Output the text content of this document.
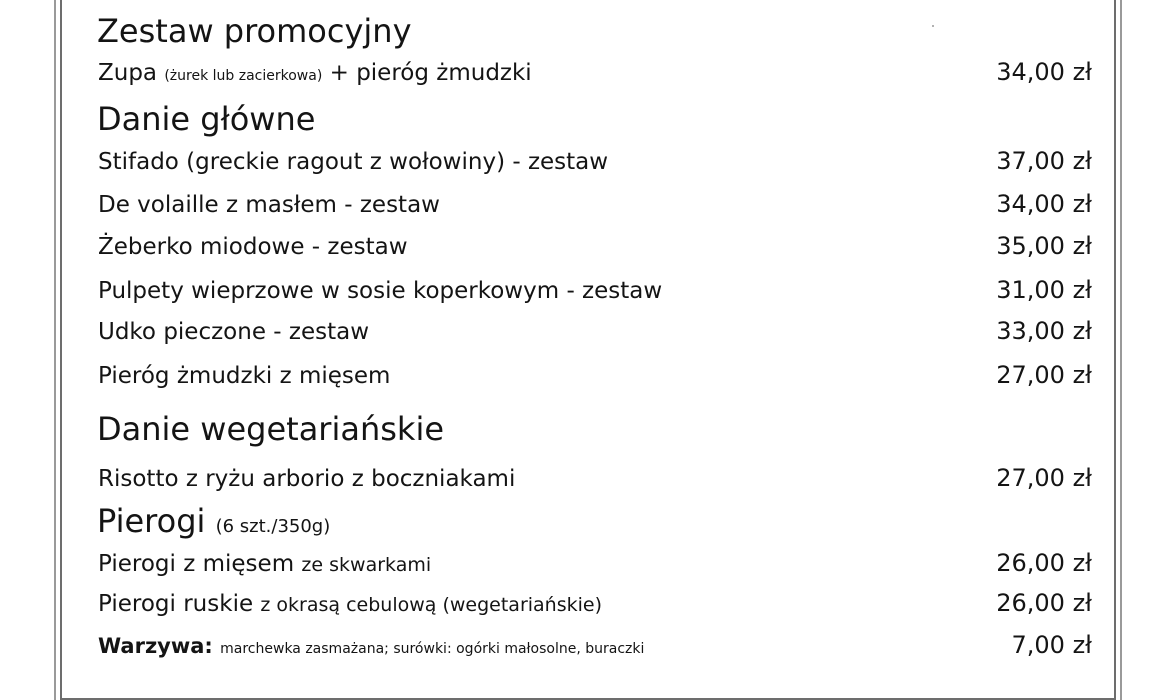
Zestaw promocyjny
Zupa (żurek lub zacierkowa) + pieróg żmudzki	34,00 zł
Danie główne
Stifado (greckie ragout z wołowiny) - zestaw	37,00 zł
De volaille z masłem - zestaw	34,00 zł
Żeberko miodowe - zestaw	35,00 zł
Pulpety wieprzowe w sosie koperkowym - zestaw	31,00 zł
Udko pieczone - zestaw	33,00 zł
Pieróg żmudzki z mięsem	27,00 zł
Danie wegetariańskie
Risotto z ryżu arborio z boczniakami	27,00 zł
Pierogi (6 szt./350g)
Pierogi z mięsem ze skwarkami	26,00 zł
Pierogi ruskie z okrasą cebulową (wegetariańskie)	26,00 zł
Warzywa: marchewka zasmażana; surówki: ogórki małosolne, buraczki	7,00 zł
